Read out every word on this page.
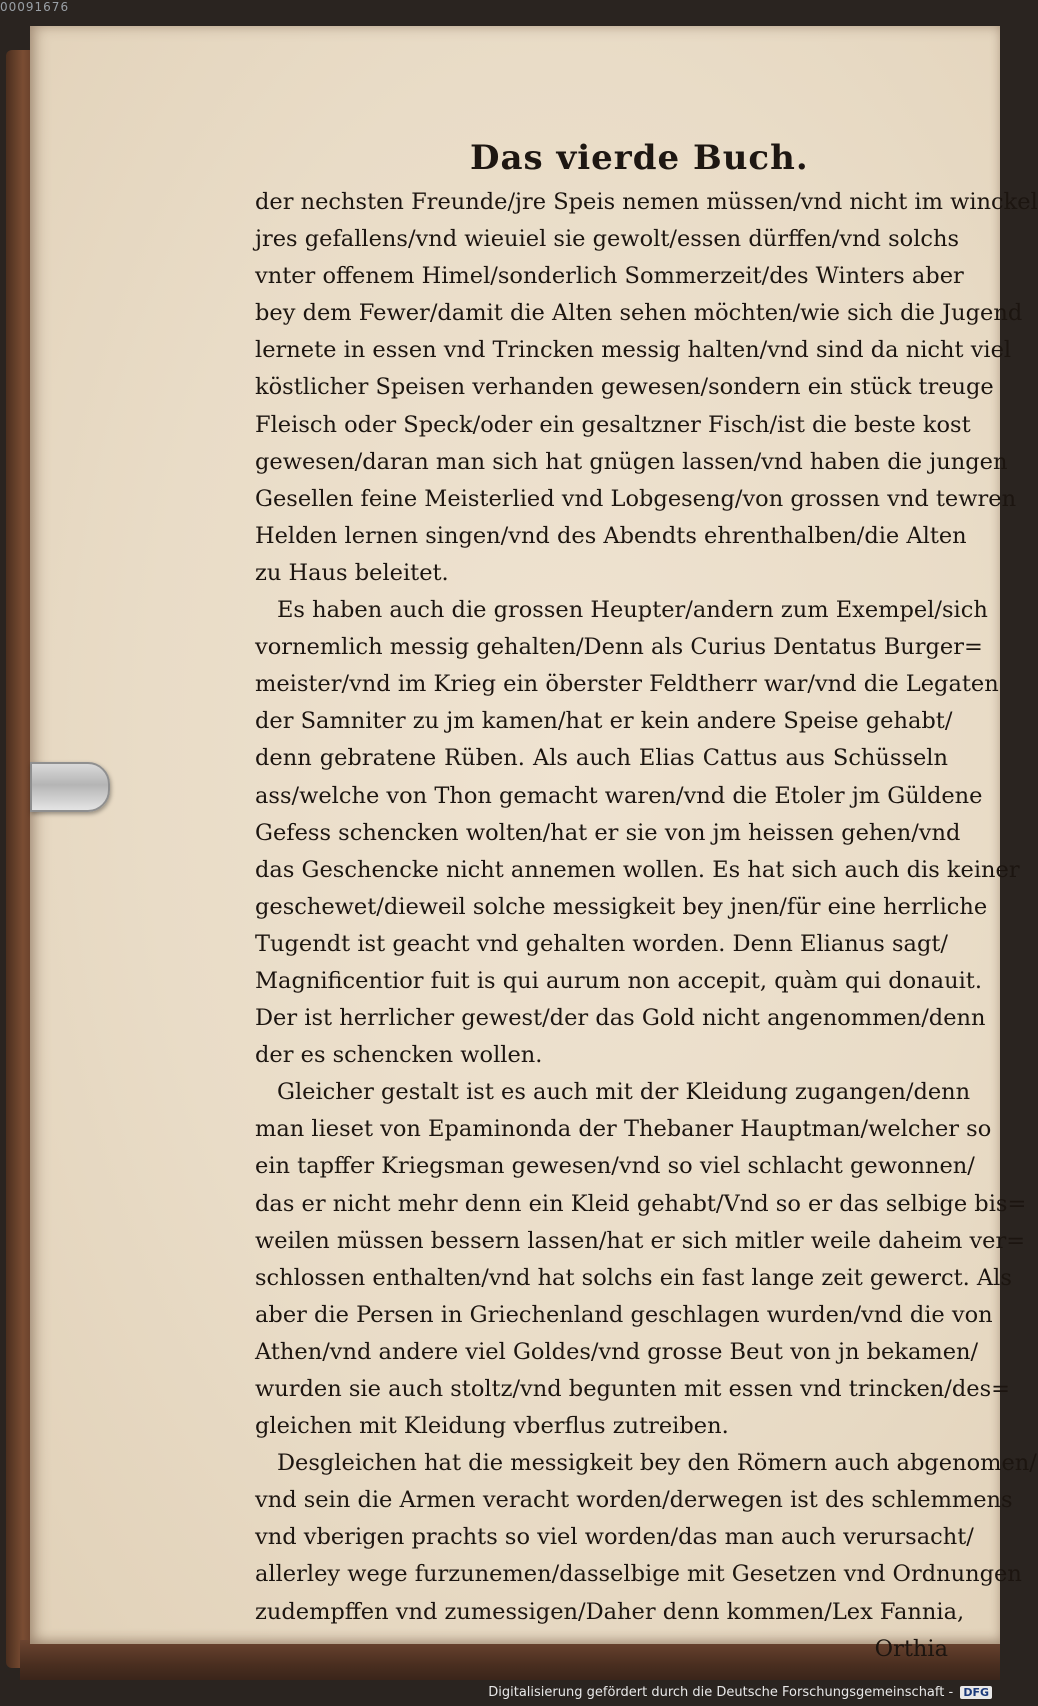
00091676
Das vierde Buch.
der nechsten Freunde/jre Speis nemen müssen/vnd nicht im winckel
jres gefallens/vnd wieuiel sie gewolt/essen dürffen/vnd solchs
vnter offenem Himel/sonderlich Sommerzeit/des Winters aber
bey dem Fewer/damit die Alten sehen möchten/wie sich die Jugend
lernete in essen vnd Trincken messig halten/vnd sind da nicht viel
köstlicher Speisen verhanden gewesen/sondern ein stück treuge
Fleisch oder Speck/oder ein gesaltzner Fisch/ist die beste kost
gewesen/daran man sich hat gnügen lassen/vnd haben die jungen
Gesellen feine Meisterlied vnd Lobgeseng/von grossen vnd tewren
Helden lernen singen/vnd des Abendts ehrenthalben/die Alten
zu Haus beleitet.
Es haben auch die grossen Heupter/andern zum Exempel/sich
vornemlich messig gehalten/Denn als Curius Dentatus Burger=
meister/vnd im Krieg ein öberster Feldtherr war/vnd die Legaten
der Samniter zu jm kamen/hat er kein andere Speise gehabt/
denn gebratene Rüben. Als auch Elias Cattus aus Schüsseln
ass/welche von Thon gemacht waren/vnd die Etoler jm Güldene
Gefess schencken wolten/hat er sie von jm heissen gehen/vnd
das Geschencke nicht annemen wollen. Es hat sich auch dis keiner
geschewet/dieweil solche messigkeit bey jnen/für eine herrliche
Tugendt ist geacht vnd gehalten worden. Denn Elianus sagt/
Magnificentior fuit is qui aurum non accepit, quàm qui donauit.
Der ist herrlicher gewest/der das Gold nicht angenommen/denn
der es schencken wollen.
Gleicher gestalt ist es auch mit der Kleidung zugangen/denn
man lieset von Epaminonda der Thebaner Hauptman/welcher so
ein tapffer Kriegsman gewesen/vnd so viel schlacht gewonnen/
das er nicht mehr denn ein Kleid gehabt/Vnd so er das selbige bis=
weilen müssen bessern lassen/hat er sich mitler weile daheim ver=
schlossen enthalten/vnd hat solchs ein fast lange zeit gewerct. Als
aber die Persen in Griechenland geschlagen wurden/vnd die von
Athen/vnd andere viel Goldes/vnd grosse Beut von jn bekamen/
wurden sie auch stoltz/vnd begunten mit essen vnd trincken/des=
gleichen mit Kleidung vberflus zutreiben.
Desgleichen hat die messigkeit bey den Römern auch abgenomen/
vnd sein die Armen veracht worden/derwegen ist des schlemmens
vnd vberigen prachts so viel worden/das man auch verursacht/
allerley wege furzunemen/dasselbige mit Gesetzen vnd Ordnungen
zudempffen vnd zumessigen/Daher denn kommen/Lex Fannia,
Orthia
Digitalisierung gefördert durch die Deutsche Forschungsgemeinschaft - DFG
